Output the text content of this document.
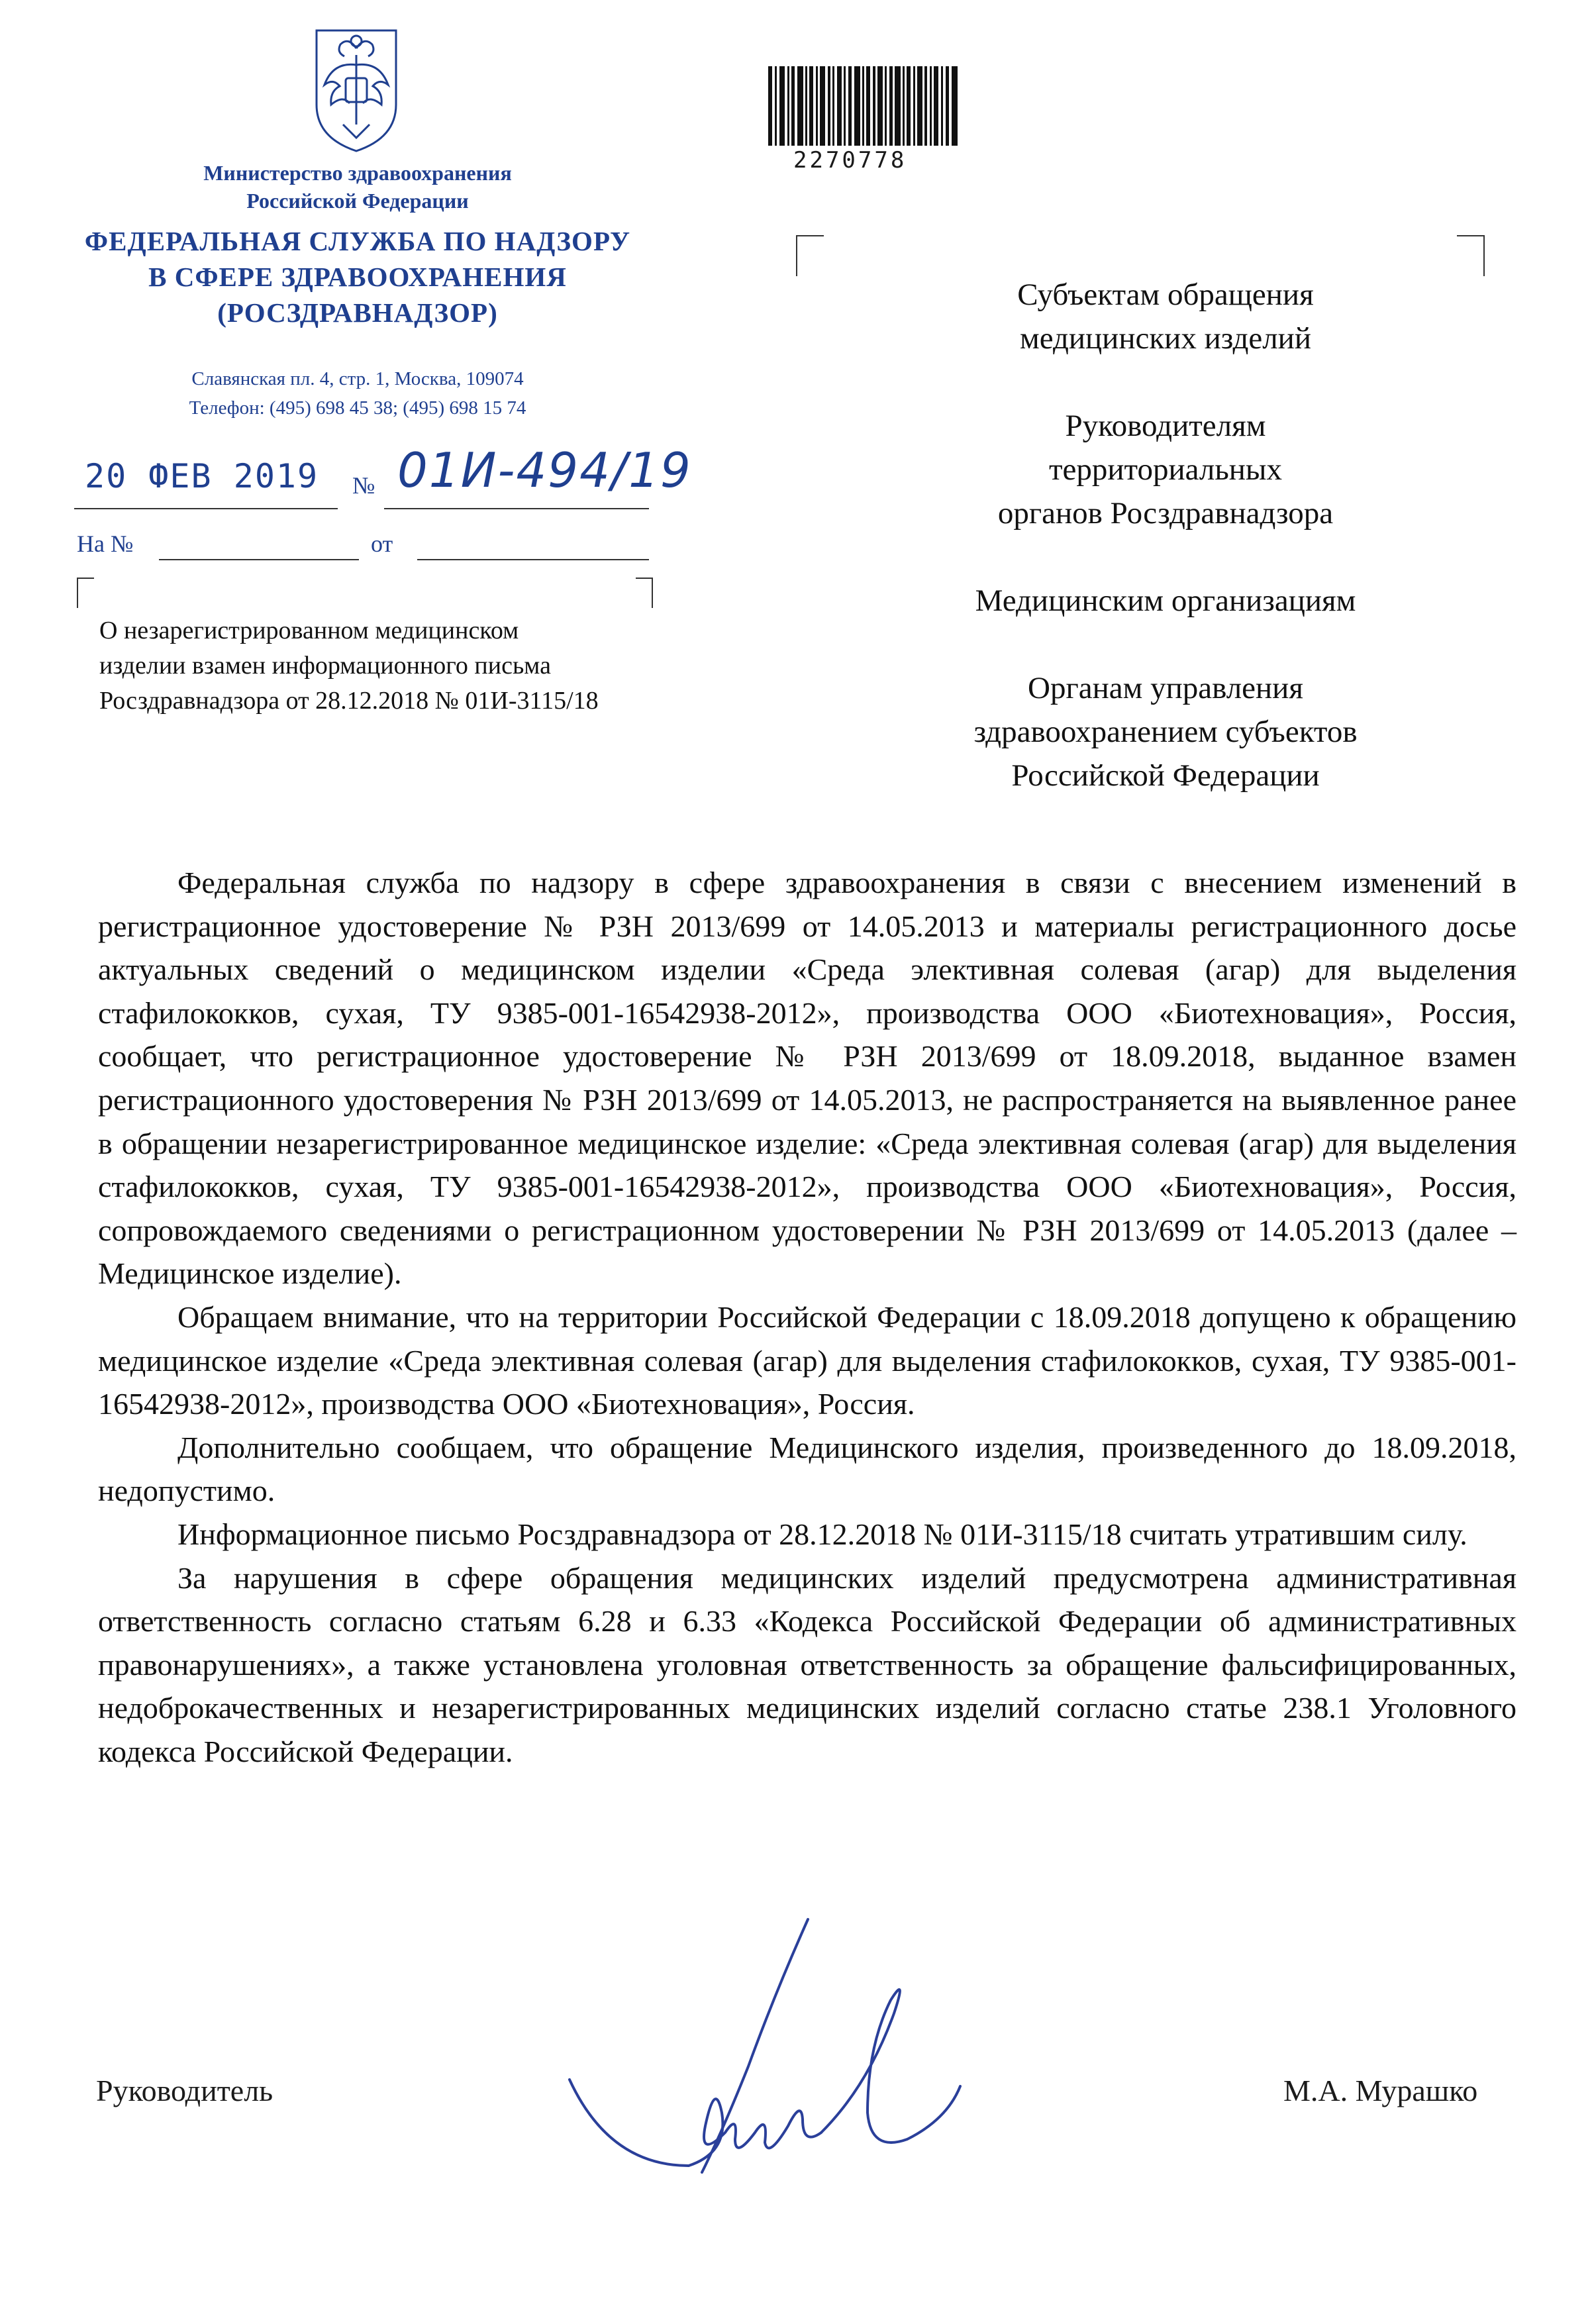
Министерство здравоохранения
Российской Федерации
ФЕДЕРАЛЬНАЯ СЛУЖБА ПО НАДЗОРУ
В СФЕРЕ ЗДРАВООХРАНЕНИЯ
(РОСЗДРАВНАДЗОР)
Славянская пл. 4, стр. 1, Москва, 109074
Телефон: (495) 698 45 38; (495) 698 15 74
20 ФЕВ 2019 № 01И-494/19
На №	от
О незарегистрированном медицинском
изделии взамен информационного письма
Росздравнадзора от 28.12.2018 № 01И-3115/18
2270778
Субъектам обращения
медицинских изделий
Руководителям
территориальных
органов Росздравнадзора
Медицинским организациям
Органам управления
здравоохранением субъектов
Российской Федерации

Федеральная служба по надзору в сфере здравоохранения в связи с внесением изменений в регистрационное удостоверение № РЗН 2013/699 от 14.05.2013 и материалы регистрационного досье актуальных сведений о медицинском изделии «Среда элективная солевая (агар) для выделения стафилококков, сухая, ТУ 9385-001-16542938-2012», производства ООО «Биотехновация», Россия, сообщает, что регистрационное удостоверение № РЗН 2013/699 от 18.09.2018, выданное взамен регистрационного удостоверения № РЗН 2013/699 от 14.05.2013, не распространяется на выявленное ранее в обращении незарегистрированное медицинское изделие: «Среда элективная солевая (агар) для выделения стафилококков, сухая, ТУ 9385-001-16542938-2012», производства ООО «Биотехновация», Россия, сопровождаемого сведениями о регистрационном удостоверении № РЗН 2013/699 от 14.05.2013 (далее – Медицинское изделие).

Обращаем внимание, что на территории Российской Федерации с 18.09.2018 допущено к обращению медицинское изделие «Среда элективная солевая (агар) для выделения стафилококков, сухая, ТУ 9385-001-16542938-2012», производства ООО «Биотехновация», Россия.

Дополнительно сообщаем, что обращение Медицинского изделия, произведенного до 18.09.2018, недопустимо.

Информационное письмо Росздравнадзора от 28.12.2018 № 01И-3115/18 считать утратившим силу.

За нарушения в сфере обращения медицинских изделий предусмотрена административная ответственность согласно статьям 6.28 и 6.33 «Кодекса Российской Федерации об административных правонарушениях», а также установлена уголовная ответственность за обращение фальсифицированных, недоброкачественных и незарегистрированных медицинских изделий согласно статье 238.1 Уголовного кодекса Российской Федерации.

Руководитель	М.А. Мурашко
